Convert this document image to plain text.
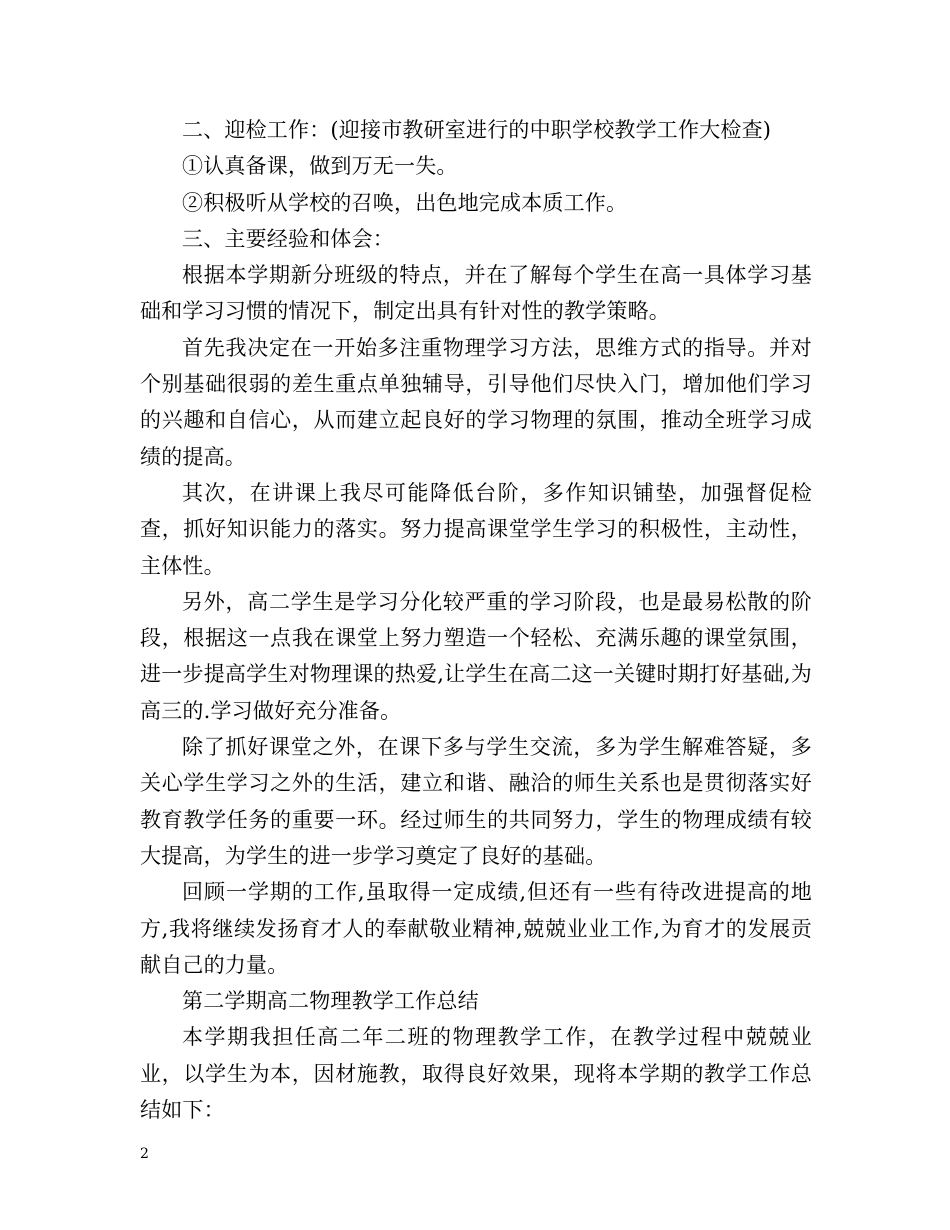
二、迎检工作：(迎接市教研室进行的中职学校教学工作大检查)

①认真备课，做到万无一失。

②积极听从学校的召唤，出色地完成本质工作。

三、主要经验和体会：

根据本学期新分班级的特点，并在了解每个学生在高一具体学习基础和学习习惯的情况下，制定出具有针对性的教学策略。

首先我决定在一开始多注重物理学习方法，思维方式的指导。并对个别基础很弱的差生重点单独辅导，引导他们尽快入门，增加他们学习的兴趣和自信心，从而建立起良好的学习物理的氛围，推动全班学习成绩的提高。

其次，在讲课上我尽可能降低台阶，多作知识铺垫，加强督促检查，抓好知识能力的落实。努力提高课堂学生学习的积极性，主动性，主体性。

另外，高二学生是学习分化较严重的学习阶段，也是最易松散的阶段，根据这一点我在课堂上努力塑造一个轻松、充满乐趣的课堂氛围，进一步提高学生对物理课的热爱,让学生在高二这一关键时期打好基础,为高三的.学习做好充分准备。

除了抓好课堂之外，在课下多与学生交流，多为学生解难答疑，多关心学生学习之外的生活，建立和谐、融洽的师生关系也是贯彻落实好教育教学任务的重要一环。经过师生的共同努力，学生的物理成绩有较大提高，为学生的进一步学习奠定了良好的基础。

回顾一学期的工作,虽取得一定成绩,但还有一些有待改进提高的地方,我将继续发扬育才人的奉献敬业精神,兢兢业业工作,为育才的发展贡献自己的力量。

第二学期高二物理教学工作总结

本学期我担任高二年二班的物理教学工作，在教学过程中兢兢业业，以学生为本，因材施教，取得良好效果，现将本学期的教学工作总结如下：

2
